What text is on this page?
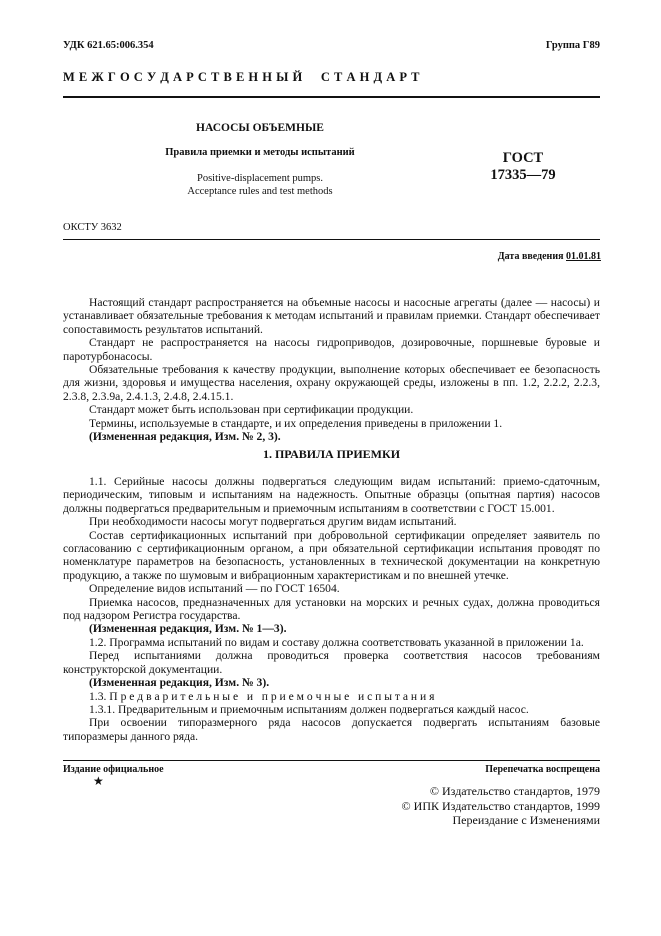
УДК 621.65:006.354	Группа Г89
М Е Ж Г О С У Д А Р С Т В Е Н Н Ы Й     С Т А Н Д А Р Т
НАСОСЫ ОБЪЕМНЫЕ
Правила приемки и методы испытаний
Positive-displacement pumps.
Acceptance rules and test methods
ГОСТ
17335—79
ОКСТУ 3632
Дата введения 01.01.81

Настоящий стандарт распространяется на объемные насосы и насосные агрегаты (далее — насосы) и устанавливает обязательные требования к методам испытаний и правилам приемки. Стандарт обеспечивает сопоставимость результатов испытаний.

Стандарт не распространяется на насосы гидроприводов, дозировочные, поршневые буровые и паротурбонасосы.

Обязательные требования к качеству продукции, выполнение которых обеспечивает ее безопасность для жизни, здоровья и имущества населения, охрану окружающей среды, изложены в пп. 1.2, 2.2.2, 2.2.3, 2.3.8, 2.3.9а, 2.4.1.3, 2.4.8, 2.4.15.1.

Стандарт может быть использован при сертификации продукции.

Термины, используемые в стандарте, и их определения приведены в приложении 1.

(Измененная редакция, Изм. № 2, 3).

1. ПРАВИЛА ПРИЕМКИ

1.1. Серийные насосы должны подвергаться следующим видам испытаний: приемо-сдаточным, периодическим, типовым и испытаниям на надежность. Опытные образцы (опытная партия) насосов должны подвергаться предварительным и приемочным испытаниям в соответствии с ГОСТ 15.001.

При необходимости насосы могут подвергаться другим видам испытаний.

Состав сертификационных испытаний при добровольной сертификации определяет заявитель по согласованию с сертификационным органом, а при обязательной сертификации испытания проводят по номенклатуре параметров на безопасность, установленных в технической документации на конкретную продукцию, а также по шумовым и вибрационным характеристикам и по внешней утечке.

Определение видов испытаний — по ГОСТ 16504.

Приемка насосов, предназначенных для установки на морских и речных судах, должна проводиться под надзором Регистра государства.

(Измененная редакция, Изм. № 1—3).

1.2. Программа испытаний по видам и составу должна соответствовать указанной в приложении 1а.

Перед испытаниями должна проводиться проверка соответствия насосов требованиям конструкторской документации.

(Измененная редакция, Изм. № 3).

1.3. П р е д в а р и т е л ь н ы е   и   п р и е м о ч н ы е   и с п ы т а н и я

1.3.1. Предварительным и приемочным испытаниям должен подвергаться каждый насос.

При освоении типоразмерного ряда насосов допускается подвергать испытаниям базовые типоразмеры данного ряда.

Издание официальное
★
Перепечатка воспрещена
© Издательство стандартов, 1979
© ИПК Издательство стандартов, 1999
Переиздание с Изменениями
